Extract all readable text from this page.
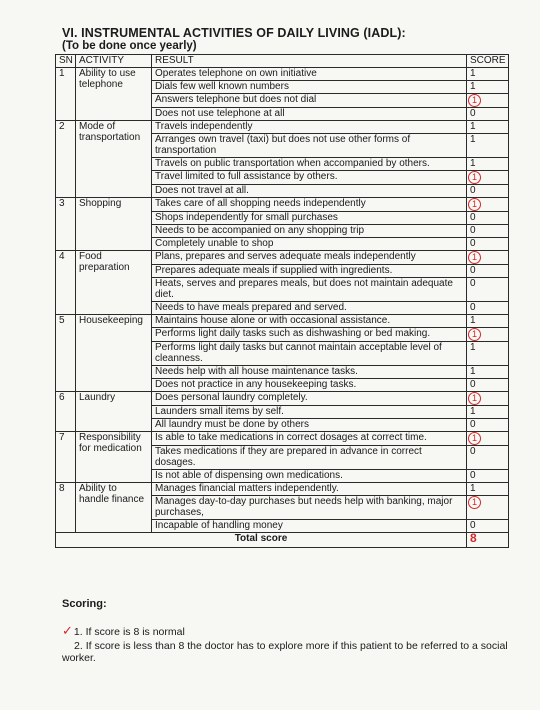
VI. INSTRUMENTAL ACTIVITIES OF DAILY LIVING (IADL):
(To be done once yearly)
SN	ACTIVITY	RESULT	SCORE
1	Ability to use telephone	Operates telephone on own initiative	1
		Dials few well known numbers	1
		Answers telephone but does not dial	1
		Does not use telephone at all	0
2	Mode of transportation	Travels independently	1
		Arranges own travel (taxi) but does not use other forms of transportation	1
		Travels on public transportation when accompanied by others.	1
		Travel limited to full assistance by others.	1
		Does not travel at all.	0
3	Shopping	Takes care of all shopping needs independently	1
		Shops independently for small purchases	0
		Needs to be accompanied on any shopping trip	0
		Completely unable to shop	0
4	Food preparation	Plans, prepares and serves adequate meals independently	1
		Prepares adequate meals if supplied with ingredients.	0
		Heats, serves and prepares meals, but does not maintain adequate diet.	0
		Needs to have meals prepared and served.	0
5	Housekeeping	Maintains house alone or with occasional assistance.	1
		Performs light daily tasks such as dishwashing or bed making.	1
		Performs light daily tasks but cannot maintain acceptable level of cleanness.	1
		Needs help with all house maintenance tasks.	1
		Does not practice in any housekeeping tasks.	0
6	Laundry	Does personal laundry completely.	1
		Launders small items by self.	1
		All laundry must be done by others	0
7	Responsibility for medication	Is able to take medications in correct dosages at correct time.	1
		Takes medications if they are prepared in advance in correct dosages.	0
		Is not able of dispensing own medications.	0
8	Ability to handle finance	Manages financial matters independently.	1
		Manages day-to-day purchases but needs help with banking, major purchases,	1
		Incapable of handling money	0
Total score			8
Scoring:
✓1. If score is 8 is normal
2. If score is less than 8 the doctor has to explore more if this patient to be referred to a social worker.
